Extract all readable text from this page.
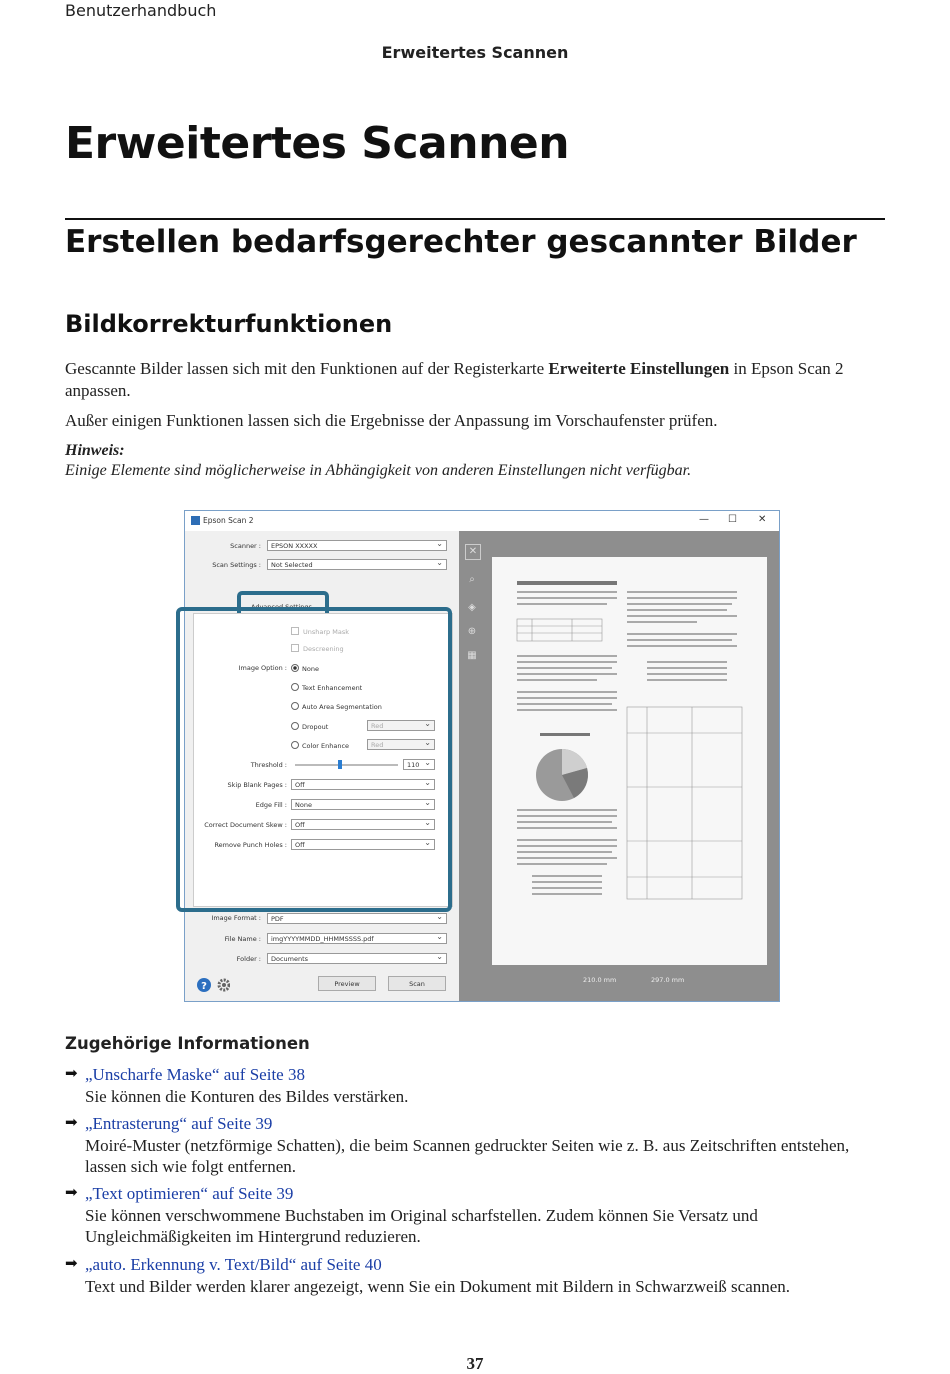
Benutzerhandbuch
Erweitertes Scannen
Erweitertes Scannen
Erstellen bedarfsgerechter gescannter Bilder
Bildkorrekturfunktionen
Gescannte Bilder lassen sich mit den Funktionen auf der Registerkarte Erweiterte Einstellungen in Epson Scan 2 anpassen.
Außer einigen Funktionen lassen sich die Ergebnisse der Anpassung im Vorschaufenster prüfen.
Hinweis:
Einige Elemente sind möglicherweise in Abhängigkeit von anderen Einstellungen nicht verfügbar.
Epson Scan 2	— ☐ ✕
Scanner :	EPSON XXXXX ⌄
Scan Settings :	Not Selected ⌄
Advanced Settings
Unsharp Mask
Descreening
Image Option :	None
Text Enhancement
Auto Area Segmentation
Dropout	Red ⌄
Color Enhance	Red ⌄
Threshold :	110 ⌄
Skip Blank Pages :	Off ⌄
Edge Fill :	None ⌄
Correct Document Skew :	Off ⌄
Remove Punch Holes :	Off ⌄
Image Format :	PDF ⌄
File Name :	imgYYYYMMDD_HHMMSSSS.pdf ⌄
Folder :	Documents ⌄
?	Preview	Scan
✕
⌕
◈
⊕
▦
210.0 mm	297.0 mm
Zugehörige Informationen
➡ „Unscharfe Maske“ auf Seite 38
Sie können die Konturen des Bildes verstärken.
➡ „Entrasterung“ auf Seite 39
Moiré-Muster (netzförmige Schatten), die beim Scannen gedruckter Seiten wie z. B. aus Zeitschriften entstehen, lassen sich wie folgt entfernen.
➡ „Text optimieren“ auf Seite 39
Sie können verschwommene Buchstaben im Original scharfstellen. Zudem können Sie Versatz und Ungleichmäßigkeiten im Hintergrund reduzieren.
➡ „auto. Erkennung v. Text/Bild“ auf Seite 40
Text und Bilder werden klarer angezeigt, wenn Sie ein Dokument mit Bildern in Schwarzweiß scannen.
37
